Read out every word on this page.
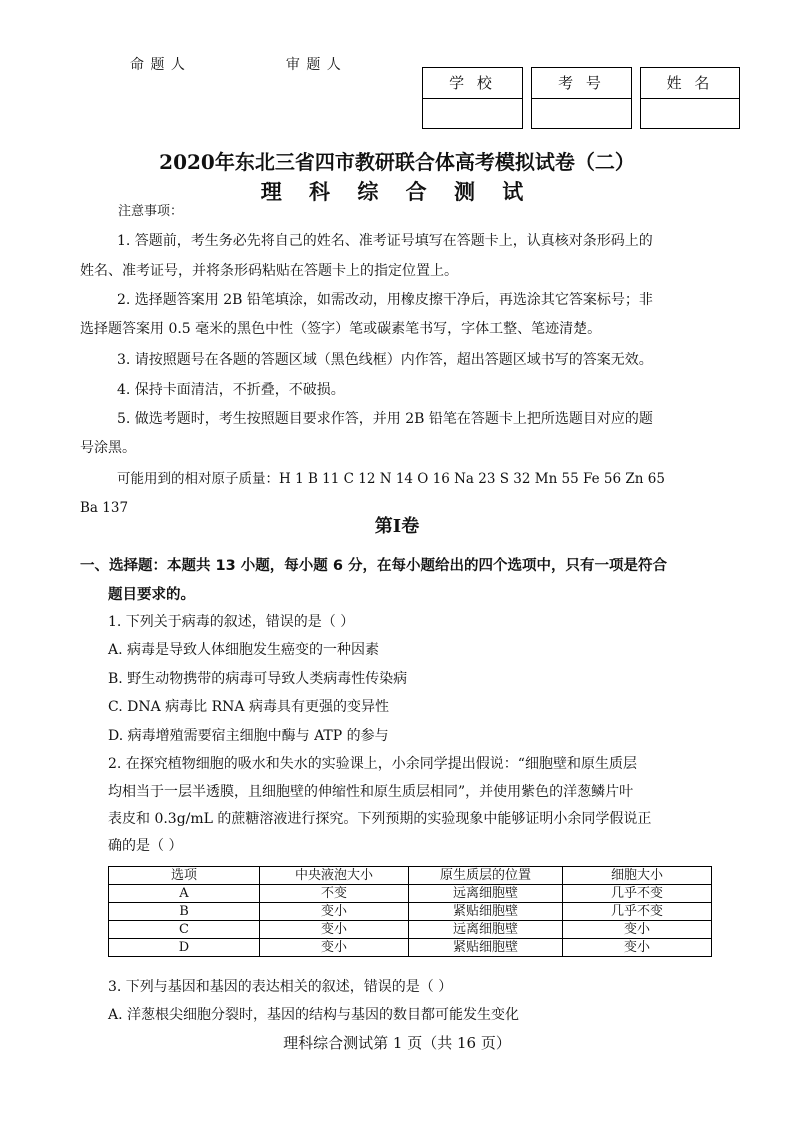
命 题 人	审 题 人
学 校	考 号	姓 名
2020年东北三省四市教研联合体高考模拟试卷（二）
理 科 综 合 测 试
注意事项：
1. 答题前，考生务必先将自己的姓名、准考证号填写在答题卡上，认真核对条形码上的
姓名、准考证号，并将条形码粘贴在答题卡上的指定位置上。
2. 选择题答案用 2B 铅笔填涂，如需改动，用橡皮擦干净后，再选涂其它答案标号；非
选择题答案用 0.5 毫米的黑色中性（签字）笔或碳素笔书写，字体工整、笔迹清楚。
3. 请按照题号在各题的答题区域（黑色线框）内作答，超出答题区域书写的答案无效。
4. 保持卡面清洁，不折叠，不破损。
5. 做选考题时，考生按照题目要求作答，并用 2B 铅笔在答题卡上把所选题目对应的题
号涂黑。
可能用到的相对原子质量：H 1 B 11 C 12 N 14 O 16 Na 23 S 32 Mn 55 Fe 56 Zn 65
Ba 137
第Ⅰ卷
一、选择题：本题共 13 小题，每小题 6 分，在每小题给出的四个选项中，只有一项是符合
题目要求的。
1. 下列关于病毒的叙述，错误的是（ ）
A. 病毒是导致人体细胞发生癌变的一种因素
B. 野生动物携带的病毒可导致人类病毒性传染病
C. DNA 病毒比 RNA 病毒具有更强的变异性
D. 病毒增殖需要宿主细胞中酶与 ATP 的参与
2. 在探究植物细胞的吸水和失水的实验课上，小余同学提出假说：“细胞壁和原生质层
均相当于一层半透膜，且细胞壁的伸缩性和原生质层相同”，并使用紫色的洋葱鳞片叶
表皮和 0.3g/mL 的蔗糖溶液进行探究。下列预期的实验现象中能够证明小余同学假说正
确的是（ ）
选项	中央液泡大小	原生质层的位置	细胞大小
A	不变	远离细胞壁	几乎不变
B	变小	紧贴细胞壁	几乎不变
C	变小	远离细胞壁	变小
D	变小	紧贴细胞壁	变小
3. 下列与基因和基因的表达相关的叙述，错误的是（ ）
A. 洋葱根尖细胞分裂时，基因的结构与基因的数目都可能发生变化
理科综合测试第 1 页（共 16 页）
